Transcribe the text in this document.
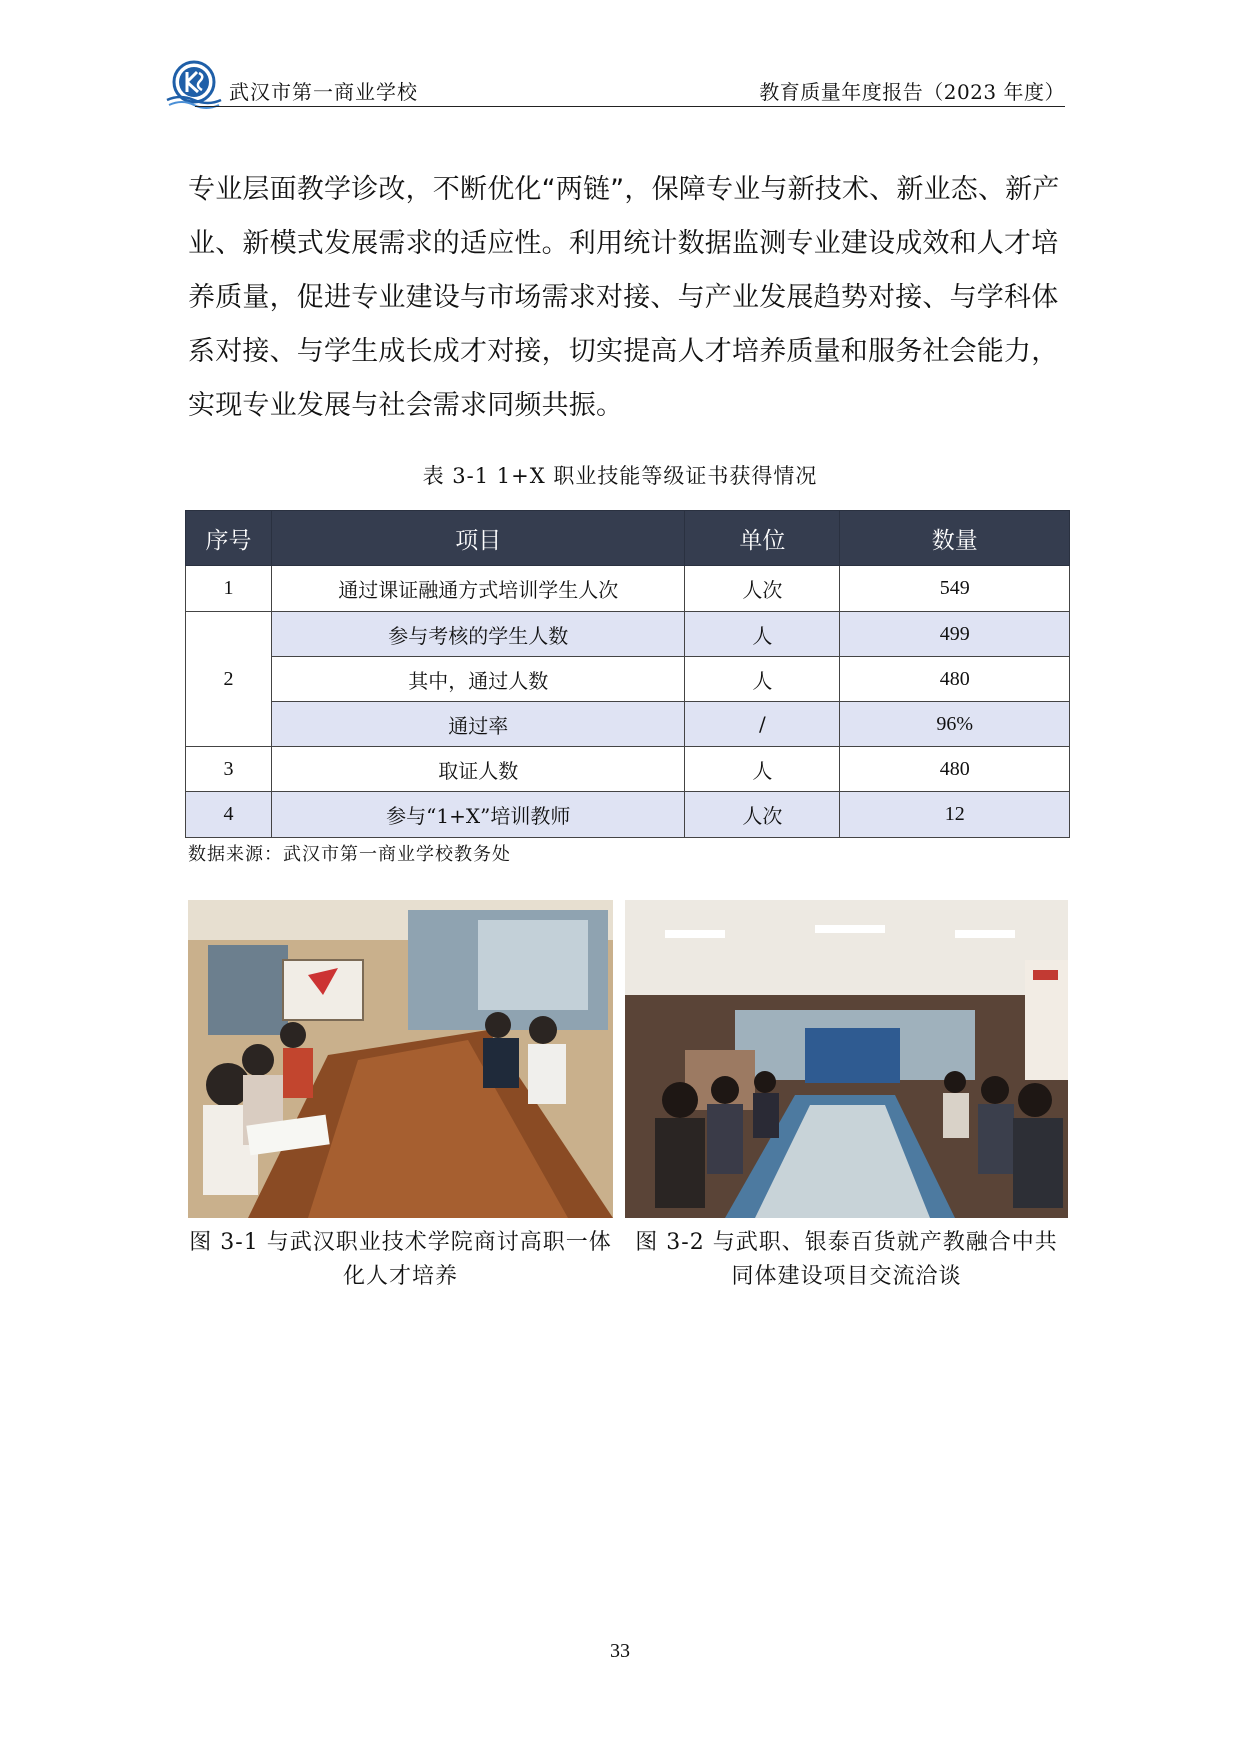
武汉市第一商业学校	教育质量年度报告（2023 年度）

专业层面教学诊改，不断优化“两链”，保障专业与新技术、新业态、新产业、新模式发展需求的适应性。利用统计数据监测专业建设成效和人才培养质量，促进专业建设与市场需求对接、与产业发展趋势对接、与学科体系对接、与学生成长成才对接，切实提高人才培养质量和服务社会能力，实现专业发展与社会需求同频共振。

表 3-1 1+X 职业技能等级证书获得情况
序号	项目	单位	数量
1	通过课证融通方式培训学生人次	人次	549
2	参与考核的学生人数	人	499
	其中，通过人数	人	480
	通过率	/	96%
3	取证人数	人	480
4	参与“1+X”培训教师	人次	12
数据来源：武汉市第一商业学校教务处
图 3-1 与武汉职业技术学院商讨高职一体化人才培养
图 3-2 与武职、银泰百货就产教融合中共同体建设项目交流洽谈
33
